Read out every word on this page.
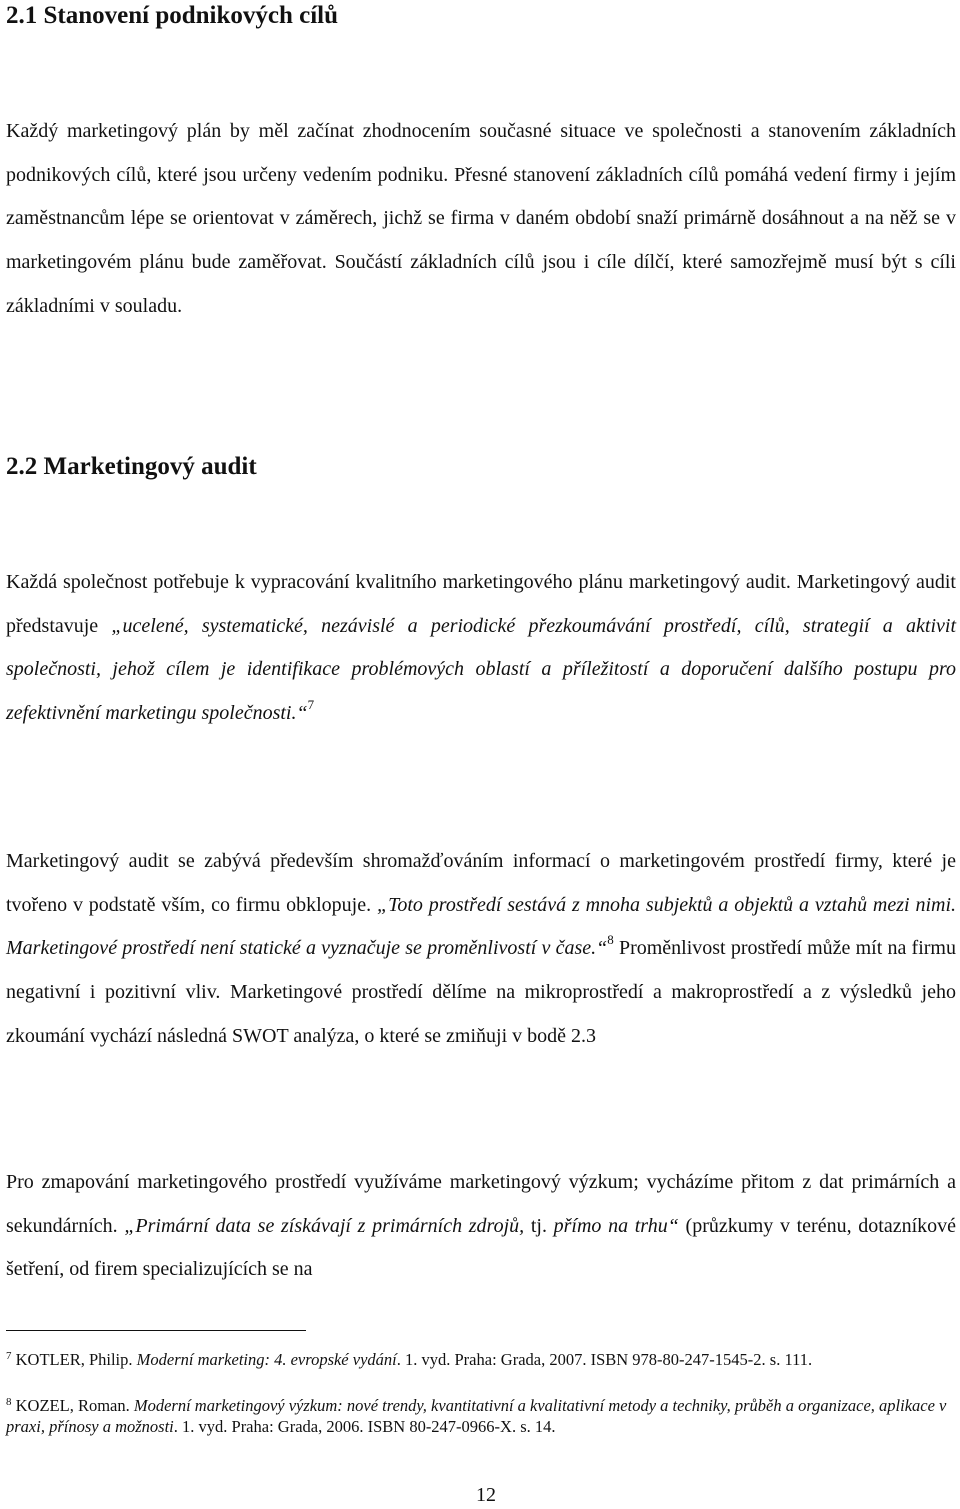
2.1 Stanovení podnikových cílů

Každý marketingový plán by měl začínat zhodnocením současné situace ve společnosti a stanovením základních podnikových cílů, které jsou určeny vedením podniku. Přesné stanovení základních cílů pomáhá vedení firmy i jejím zaměstnancům lépe se orientovat v záměrech, jichž se firma v daném období snaží primárně dosáhnout a na něž se v marketingovém plánu bude zaměřovat. Součástí základních cílů jsou i cíle dílčí, které samozřejmě musí být s cíli základními v souladu.

2.2 Marketingový audit

Každá společnost potřebuje k vypracování kvalitního marketingového plánu marketingový audit. Marketingový audit představuje „ucelené, systematické, nezávislé a periodické přezkoumávání prostředí, cílů, strategií a aktivit společnosti, jehož cílem je identifikace problémových oblastí a příležitostí a doporučení dalšího postupu pro zefektivnění marketingu společnosti.“$^7$

Marketingový audit se zabývá především shromažďováním informací o marketingovém prostředí firmy, které je tvořeno v podstatě vším, co firmu obklopuje. „Toto prostředí sestává z mnoha subjektů a objektů a vztahů mezi nimi. Marketingové prostředí není statické a vyznačuje se proměnlivostí v čase.“$^8$ Proměnlivost prostředí může mít na firmu negativní i pozitivní vliv. Marketingové prostředí dělíme na mikroprostředí a makroprostředí a z výsledků jeho zkoumání vychází následná SWOT analýza, o které se zmiňuji v bodě 2.3

Pro zmapování marketingového prostředí využíváme marketingový výzkum; vycházíme přitom z dat primárních a sekundárních. „Primární data se získávají z primárních zdrojů, tj. přímo na trhu“ (průzkumy v terénu, dotazníkové šetření, od firem specializujících se na

$^7$ KOTLER, Philip. Moderní marketing: 4. evropské vydání. 1. vyd. Praha: Grada, 2007. ISBN 978-80-247-1545-2. s. 111.

$^8$ KOZEL, Roman. Moderní marketingový výzkum: nové trendy, kvantitativní a kvalitativní metody a techniky, průběh a organizace, aplikace v praxi, přínosy a možnosti. 1. vyd. Praha: Grada, 2006. ISBN 80-247-0966-X. s. 14.

12
